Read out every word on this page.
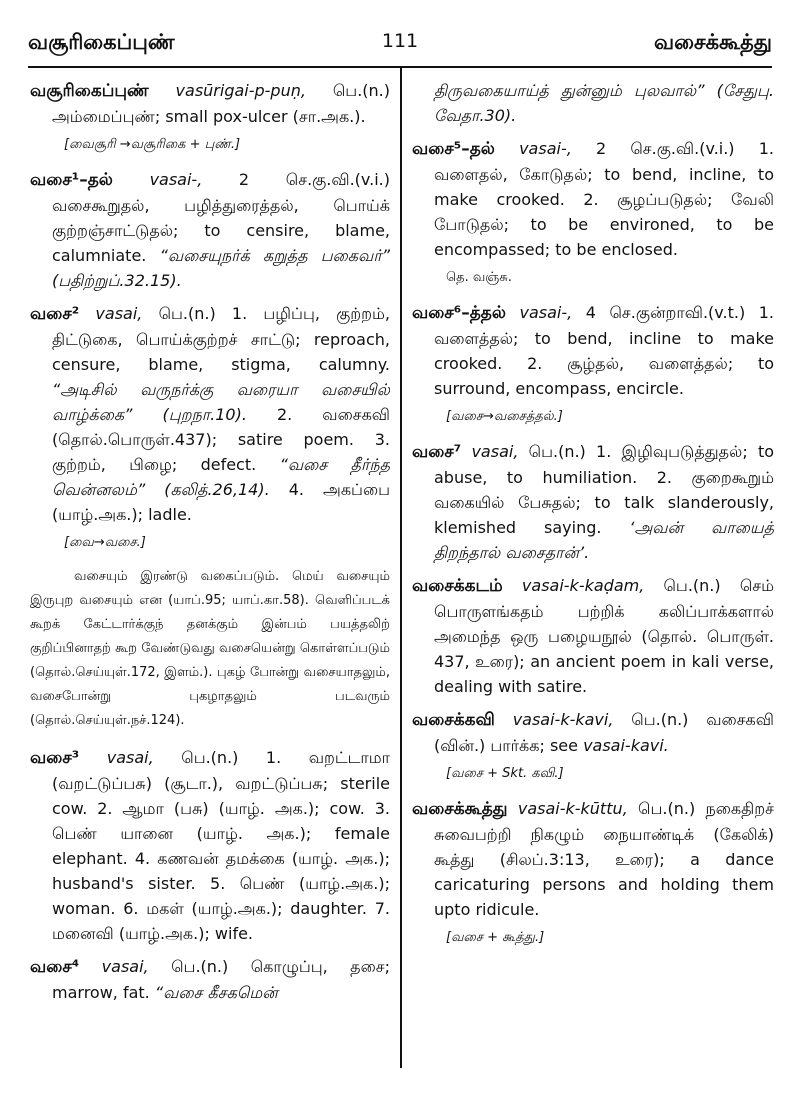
வசூரிகைப்புண்	111	வசைக்கூத்து

வசூரிகைப்புண் vasūrigai-p-puṇ, பெ.(n.) அம்மைப்புண்; small pox-ulcer (சா.அக.).

[வைசூரி →வசூரிகை + புண்.]

வசை¹–தல் vasai-, 2 செ.கு.வி.(v.i.) வசைகூறுதல், பழித்துரைத்தல், பொய்க் குற்றஞ்சாட்டுதல்; to censire, blame, calumniate. “வசையுநர்க் கறுத்த பகைவர்” (பதிற்றுப்.32.15).

வசை² vasai, பெ.(n.) 1. பழிப்பு, குற்றம், திட்டுகை, பொய்க்குற்றச் சாட்டு; reproach, censure, blame, stigma, calumny. “அடிசில் வருநர்க்கு வரையா வசையில் வாழ்க்கை” (புறநா.10). 2. வசைகவி (தொல்.பொருள்.437); satire poem. 3. குற்றம், பிழை; defect. “வசை தீர்ந்த வென்னலம்” (கலித்.26,14). 4. அகப்பை (யாழ்.அக.); ladle.

[வை→வசை.]

வசையும் இரண்டு வகைப்படும். மெய் வசையும் இருபுற வசையும் என (யாப்.95; யாப்.கா.58). வெளிப்படக் கூறக் கேட்டார்க்குந் தனக்கும் இன்பம் பயத்தலிற் குறிப்பினாதற் கூற வேண்டுவது வசையென்று கொள்ளப்படும் (தொல்.செய்யுள்.172, இளம்.). புகழ் போன்று வசையாதலும், வசைபோன்று புகழாதலும் படவரும் (தொல்.செய்யுள்.நச்.124).

வசை³ vasai, பெ.(n.) 1. வறட்டாமா (வறட்டுப்பசு) (சூடா.), வறட்டுப்பசு; sterile cow. 2. ஆமா (பசு) (யாழ். அக.); cow. 3. பெண் யானை (யாழ். அக.); female elephant. 4. கணவன் தமக்கை (யாழ். அக.); husband's sister. 5. பெண் (யாழ்.அக.); woman. 6. மகள் (யாழ்.அக.); daughter. 7. மனைவி (யாழ்.அக.); wife.

வசை⁴ vasai, பெ.(n.) கொழுப்பு, தசை; marrow, fat. “வசை கீசகமென்

திருவகையாய்த் துன்னும் புலவால்” (சேதுபு. வேதா.30).

வசை⁵–தல் vasai-, 2 செ.கு.வி.(v.i.) 1. வளைதல், கோடுதல்; to bend, incline, to make crooked. 2. சூழப்படுதல்; வேலி போடுதல்; to be environed, to be encompassed; to be enclosed.

தெ. வஞ்சு.

வசை⁶–த்தல் vasai-, 4 செ.குன்றாவி.(v.t.) 1. வளைத்தல்; to bend, incline to make crooked. 2. சூழ்தல், வளைத்தல்; to surround, encompass, encircle.

[வசை→வசைத்தல்.]

வசை⁷ vasai, பெ.(n.) 1. இழிவுபடுத்துதல்; to abuse, to humiliation. 2. குறைகூறும் வகையில் பேசுதல்; to talk slanderously, klemished saying. ‘அவன் வாயைத் திறந்தால் வசைதான்’.

வசைக்கடம் vasai-k-kaḍam, பெ.(n.) செம் பொருளங்கதம் பற்றிக் கலிப்பாக்களால் அமைந்த ஒரு பழையநூல் (தொல். பொருள். 437, உரை); an ancient poem in kali verse, dealing with satire.

வசைக்கவி vasai-k-kavi, பெ.(n.) வசைகவி (வின்.) பார்க்க; see vasai-kavi.

[வசை + Skt. கவி.]

வசைக்கூத்து vasai-k-kūttu, பெ.(n.) நகைதிறச் சுவைபற்றி நிகழும் நையாண்டிக் (கேலிக்) கூத்து (சிலப்.3:13, உரை); a dance caricaturing persons and holding them upto ridicule.

[வசை + கூத்து.]
